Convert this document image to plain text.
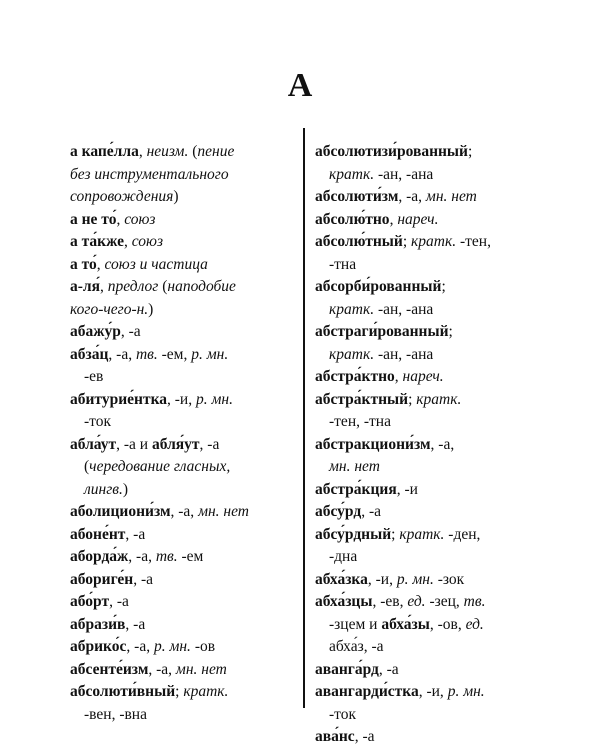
А
а капе́лла, неизм. (пение
без инструментального
сопровождения)
а не то́, союз
а та́кже, союз
а то́, союз и частица
а-ля́, предлог (наподобие
кого-чего-н.)
абажу́р, -а
абза́ц, -а, тв. -ем, р. мн.
-ев
абитурие́нтка, -и, р. мн.
-ток
абла́ут, -а и абля́ут, -а
(чередование гласных,
лингв.)
аболициони́зм, -а, мн. нет
абоне́нт, -а
аборда́ж, -а, тв. -ем
абориге́н, -а
або́рт, -а
абрази́в, -а
абрико́с, -а, р. мн. -ов
абсенте́изм, -а, мн. нет
абсолюти́вный; кратк.
-вен, -вна
абсолютизи́рованный;
кратк. -ан, -ана
абсолюти́зм, -а, мн. нет
абсолю́тно, нареч.
абсолю́тный; кратк. -тен,
-тна
абсорби́рованный;
кратк. -ан, -ана
абстраги́рованный;
кратк. -ан, -ана
абстра́ктно, нареч.
абстра́ктный; кратк.
-тен, -тна
абстракциони́зм, -а,
мн. нет
абстра́кция, -и
абсу́рд, -а
абсу́рдный; кратк. -ден,
-дна
абха́зка, -и, р. мн. -зок
абха́зцы, -ев, ед. -зец, тв.
-зцем и абха́зы, -ов, ед.
абха́з, -а
аванга́рд, -а
авангарди́стка, -и, р. мн.
-ток
ава́нс, -а
